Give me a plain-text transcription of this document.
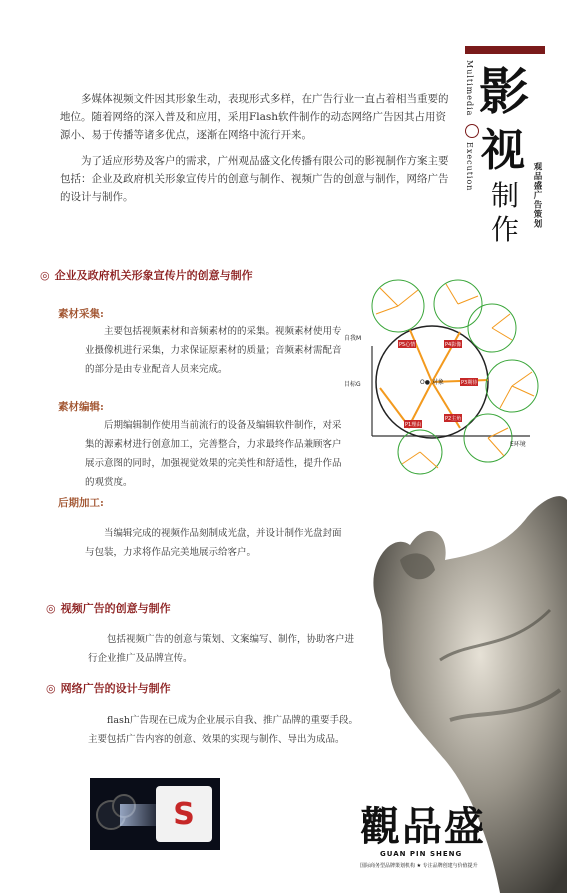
Multimedia
Execution
影
视
制
作
观品盛广告策划

多媒体视频文件因其形象生动，表现形式多样，在广告行业一直占着相当重要的地位。随着网络的深入普及和应用，采用Flash软件制作的动态网络广告因其占用资源小、易于传播等诸多优点，逐渐在网络中流行开来。

为了适应形势及客户的需求，广州观品盛文化传播有限公司的影视制作方案主要包括：企业及政府机关形象宣传片的创意与制作、视频广告的创意与制作，网络广告的设计与制作。

◎ 企业及政府机关形象宣传片的创意与制作
素材采集:

主要包括视频素材和音频素材的的采集。视频素材使用专业摄像机进行采集，力求保证原素材的质量；音频素材需配音的部分是由专业配音人员来完成。

素材编辑:

后期编辑制作使用当前流行的设备及编辑软件制作，对采集的源素材进行创意加工，完善整合，力求最终作品兼顾客户展示意图的同时，加强视觉效果的完美性和舒适性，提升作品的观赏度。

后期加工:

当编辑完成的视频作品刻制成光盘，并设计制作光盘封面与包装，力求将作品完美地展示给客户。

◎ 视频广告的创意与制作

包括视频广告的创意与策划、文案编写、制作，协助客户进行企业推广及品牌宣传。

◎ 网络广告的设计与制作

flash广告现在已成为企业展示自我、推广品牌的重要手段。主要包括广告内容的创意、效果的实现与制作、导出为成品。

P5心情	P4影像
P3期待
P2主角
P1理由
自我M
目标G
E环境
O● 对象
S	觀品盛
GUAN PIN SHENG
国际商务型品牌策划机构 ★ 专注品牌创建与价值提升
